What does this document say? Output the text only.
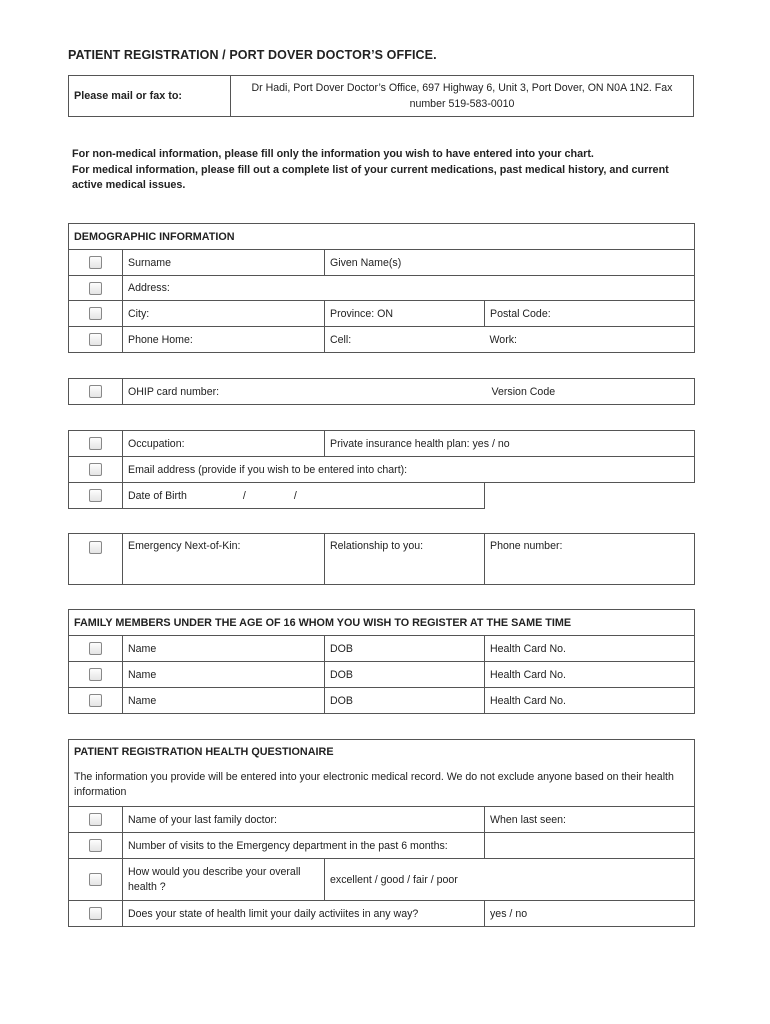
PATIENT REGISTRATION / PORT DOVER DOCTOR’S OFFICE.
Please mail or fax to:
Dr Hadi, Port Dover Doctor’s Office, 697 Highway 6, Unit 3, Port Dover, ON N0A 1N2. Fax number 519-583-0010
For non-medical information, please fill only the information you wish to have entered into your chart.
For medical information, please fill out a complete list of your current medications, past medical history, and current active medical issues.
DEMOGRAPHIC INFORMATION			
	Surname	Given Name(s)	
	Address:		
	City:	Province: ON	Postal Code:
	Phone Home:	Cell:	Work:
	OHIP card number:	Version Code
	Occupation:	Private insurance health plan: yes / no	
	Email address (provide if you wish to be entered into chart):		
	Date of Birth / /		
	Emergency Next-of-Kin:	Relationship to you:	Phone number:
FAMILY MEMBERS UNDER THE AGE OF 16 WHOM YOU WISH TO REGISTER AT THE SAME TIME			
	Name	DOB	Health Card No.
	Name	DOB	Health Card No.
	Name	DOB	Health Card No.
PATIENT REGISTRATION HEALTH QUESTIONAIRE			
The information you provide will be entered into your electronic medical record. We do not exclude anyone based on their health information			
	Name of your last family doctor:		When last seen:
	Number of visits to the Emergency department in the past 6 months:		
	How would you describe your overall health ?	excellent / good / fair / poor	
	Does your state of health limit your daily activiites in any way?		yes / no
